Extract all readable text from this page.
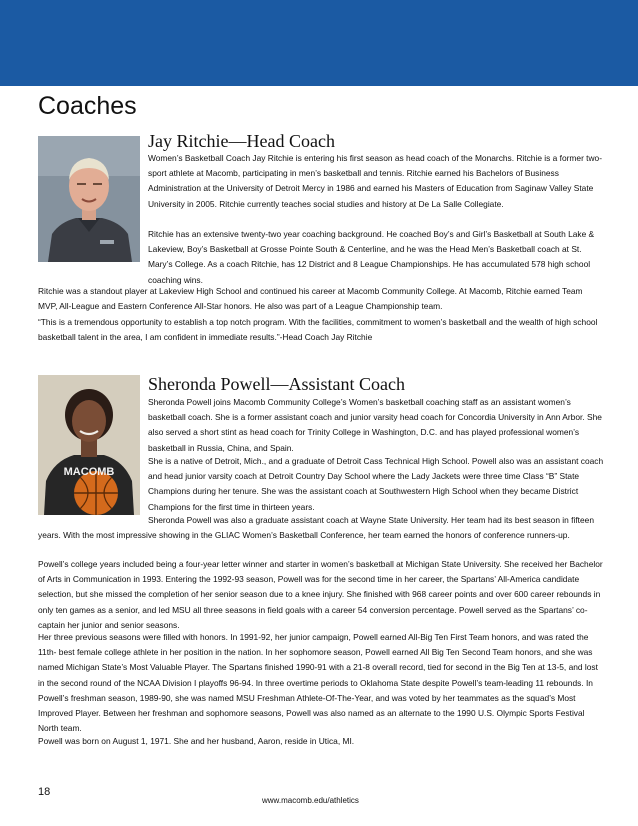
Coaches
Jay Ritchie—Head Coach

Women’s Basketball Coach Jay Ritchie is entering his first season as head coach of the Monarchs. Ritchie is a former two-sport athlete at Macomb, participating in men’s basketball and tennis. Ritchie earned his Bachelors of Business Administration at the University of Detroit Mercy in 1986 and earned his Masters of Education from Saginaw Valley State University in 2005. Ritchie currently teaches social studies and history at De La Salle Collegiate.

Ritchie has an extensive twenty-two year coaching background. He coached Boy’s and Girl’s Basketball at South Lake & Lakeview, Boy’s Basketball at Grosse Pointe South & Centerline, and he was the Head Men’s Basketball coach at St. Mary’s College. As a coach Ritchie, has 12 District and 8 League Championships. He has accumulated 578 high school coaching wins.

Ritchie was a standout player at Lakeview High School and continued his career at Macomb Community College. At Macomb, Ritchie earned Team MVP, All-League and Eastern Conference All-Star honors. He also was part of a League Championship team.

“This is a tremendous opportunity to establish a top notch program. With the facilities, commitment to women’s basketball and the wealth of high school basketball talent in the area, I am confident in immediate results.”-Head Coach Jay Ritchie

MACOMB
Sheronda Powell—Assistant Coach

Sheronda Powell joins Macomb Community College’s Women’s basketball coaching staff as an assistant women’s basketball coach. She is a former assistant coach and junior varsity head coach for Concordia University in Ann Arbor. She also served a short stint as head coach for Trinity College in Washington, D.C. and has played professional women’s basketball in Russia, China, and Spain.

She is a native of Detroit, Mich., and a graduate of Detroit Cass Technical High School. Powell also was an assistant coach and head junior varsity coach at Detroit Country Day School where the Lady Jackets were three time Class “B” State Champions during her tenure. She was the assistant coach at Southwestern High School when they became District Champions for the first time in thirteen years.

Sheronda Powell was also a graduate assistant coach at Wayne State University. Her team had its best season in fifteen years. With the most impressive showing in the GLIAC Women’s Basketball Conference, her team earned the honors of conference runners-up.

Powell’s college years included being a four-year letter winner and starter in women’s basketball at Michigan State University. She received her Bachelor of Arts in Communication in 1993. Entering the 1992-93 season, Powell was for the second time in her career, the Spartans’ All-America candidate selection, but she missed the completion of her senior season due to a knee injury. She finished with 968 career points and over 600 career rebounds in only ten games as a senior, and led MSU all three seasons in field goals with a career 54 conversion percentage. Powell served as the Spartans’ co-captain her junior and senior seasons.

Her three previous seasons were filled with honors. In 1991-92, her junior campaign, Powell earned All-Big Ten First Team honors, and was rated the 11th- best female college athlete in her position in the nation. In her sophomore season, Powell earned All Big Ten Second Team honors, and she was named Michigan State’s Most Valuable Player. The Spartans finished 1990-91 with a 21-8 overall record, tied for second in the Big Ten at 13-5, and lost in the second round of the NCAA Division I playoffs 96-94. In three overtime periods to Oklahoma State despite Powell’s team-leading 11 rebounds. In Powell’s freshman season, 1989-90, she was named MSU Freshman Athlete-Of-The-Year, and was voted by her teammates as the squad’s Most Improved Player. Between her freshman and sophomore seasons, Powell was also named as an alternate to the 1990 U.S. Olympic Sports Festival North team.

Powell was born on August 1, 1971. She and her husband, Aaron, reside in Utica, MI.

18
www.macomb.edu/athletics
